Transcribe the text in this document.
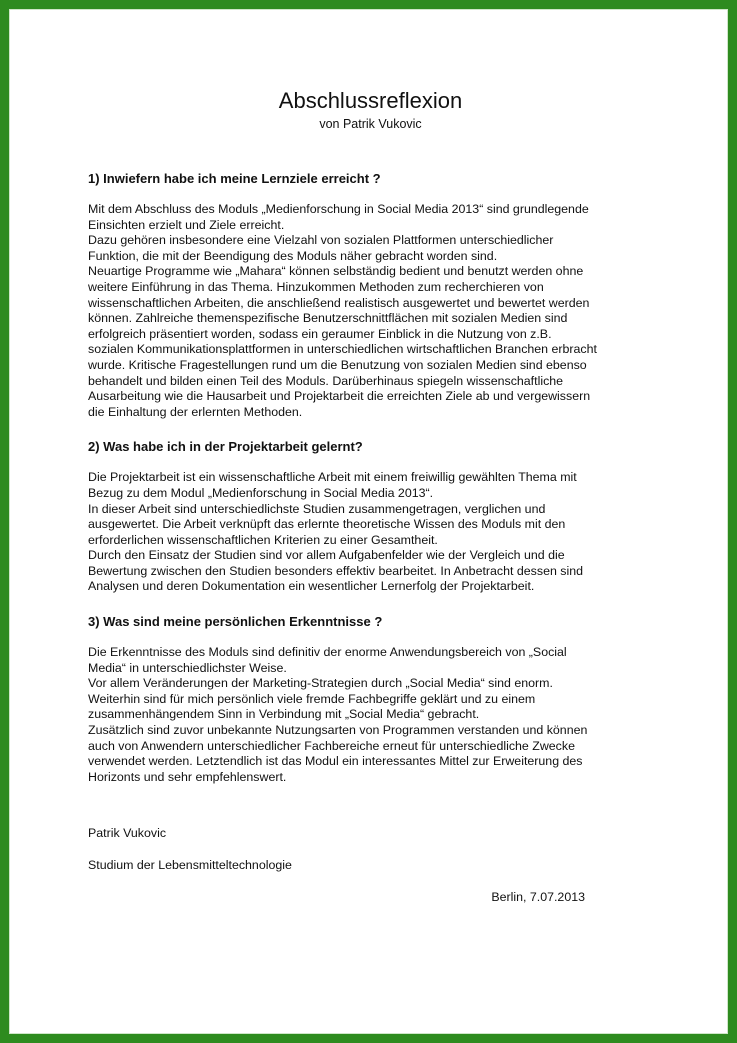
Abschlussreflexion

von Patrik Vukovic

1) Inwiefern habe ich meine Lernziele erreicht ?
Mit dem Abschluss des Moduls „Medienforschung in Social Media 2013“ sind grundlegende
Einsichten erzielt und Ziele erreicht.
Dazu gehören insbesondere eine Vielzahl von sozialen Plattformen unterschiedlicher
Funktion, die mit der Beendigung des Moduls näher gebracht worden sind.
Neuartige Programme wie „Mahara“ können selbständig bedient und benutzt werden ohne
weitere Einführung in das Thema. Hinzukommen Methoden zum recherchieren von
wissenschaftlichen Arbeiten, die anschließend realistisch ausgewertet und bewertet werden
können. Zahlreiche themenspezifische Benutzerschnittflächen mit sozialen Medien sind
erfolgreich präsentiert worden, sodass ein geraumer Einblick in die Nutzung von z.B.
sozialen Kommunikationsplattformen in unterschiedlichen wirtschaftlichen Branchen erbracht
wurde. Kritische Fragestellungen rund um die Benutzung von sozialen Medien sind ebenso
behandelt und bilden einen Teil des Moduls. Darüberhinaus spiegeln wissenschaftliche
Ausarbeitung wie die Hausarbeit und Projektarbeit die erreichten Ziele ab und vergewissern
die Einhaltung der erlernten Methoden.
2) Was habe ich in der Projektarbeit gelernt?
Die Projektarbeit ist ein wissenschaftliche Arbeit mit einem freiwillig gewählten Thema mit
Bezug zu dem Modul „Medienforschung in Social Media 2013“.
In dieser Arbeit sind unterschiedlichste Studien zusammengetragen, verglichen und
ausgewertet. Die Arbeit verknüpft das erlernte theoretische Wissen des Moduls mit den
erforderlichen wissenschaftlichen Kriterien zu einer Gesamtheit.
Durch den Einsatz der Studien sind vor allem Aufgabenfelder wie der Vergleich und die
Bewertung zwischen den Studien besonders effektiv bearbeitet. In Anbetracht dessen sind
Analysen und deren Dokumentation ein wesentlicher Lernerfolg der Projektarbeit.
3) Was sind meine persönlichen Erkenntnisse ?
Die Erkenntnisse des Moduls sind definitiv der enorme Anwendungsbereich von „Social
Media“ in unterschiedlichster Weise.
Vor allem Veränderungen der Marketing-Strategien durch „Social Media“ sind enorm.
Weiterhin sind für mich persönlich viele fremde Fachbegriffe geklärt und zu einem
zusammenhängendem Sinn in Verbindung mit „Social Media“ gebracht.
Zusätzlich sind zuvor unbekannte Nutzungsarten von Programmen verstanden und können
auch von Anwendern unterschiedlicher Fachbereiche erneut für unterschiedliche Zwecke
verwendet werden. Letztendlich ist das Modul ein interessantes Mittel zur Erweiterung des
Horizonts und sehr empfehlenswert.

Patrik Vukovic

Studium der Lebensmitteltechnologie

Berlin, 7.07.2013
